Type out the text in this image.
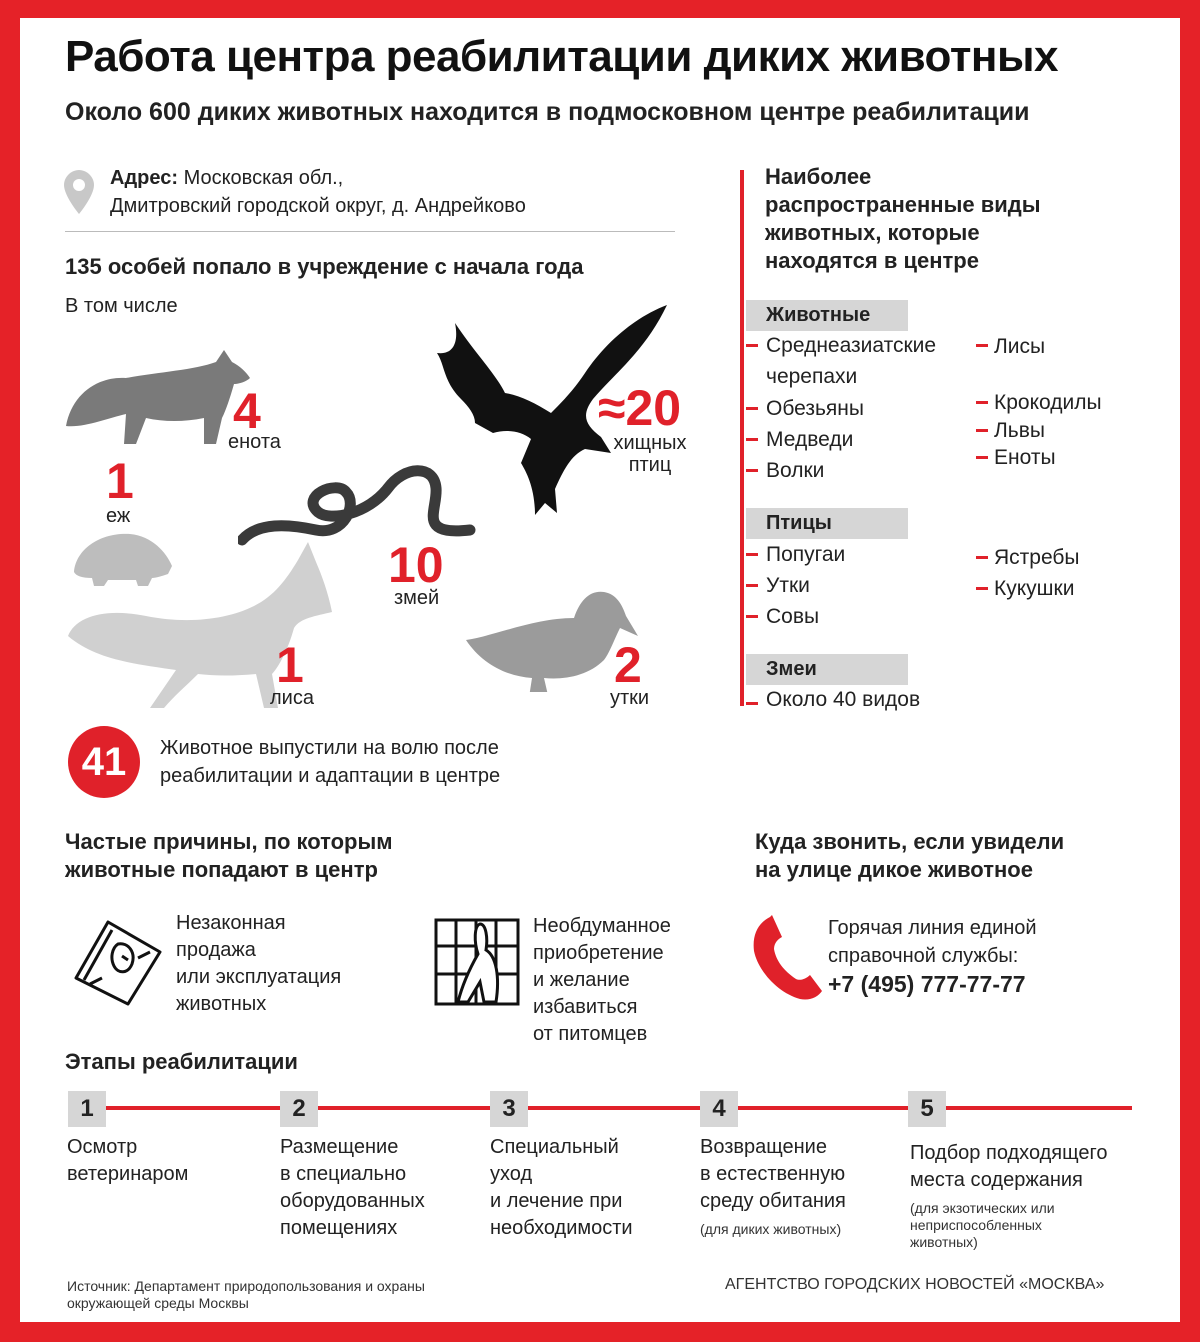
Работа центра реабилитации диких животных
Около 600 диких животных находится в подмосковном центре реабилитации
Адрес: Московская обл.,
Дмитровский городской округ, д. Андрейково
135 особей попало в учреждение с начала года
В том числе
4
енота
≈20
хищных
птиц
1
еж
10
змей
1
лиса
2
утки
41	Животное выпустили на волю после
реабилитации и адаптации в центре
Наиболее
распространенные виды
животных, которые
находятся в центре
Животные
Птицы
Змеи
Среднеазиатские
черепахи
Обезьяны
Медведи
Волки
Лисы
Крокодилы
Львы
Еноты
Попугаи
Утки
Совы
Ястребы
Кукушки
Около 40 видов
Частые причины, по которым
животные попадают в центр
Незаконная
продажа
или эксплуатация
животных
Необдуманное
приобретение
и желание
избавиться
от питомцев
Куда звонить, если увидели
на улице дикое животное
Горячая линия единой
справочной службы:
+7 (495) 777-77-77
Этапы реабилитации
1	2	3	4	5
Осмотр
ветеринаром
Размещение
в специально
оборудованных
помещениях
Специальный
уход
и лечение при
необходимости
Возвращение
в естественную
среду обитания
(для диких животных)
Подбор подходящего
места содержания

(для экзотических или
неприспособленных
животных)
Источник: Департамент природопользования и охраны
окружающей среды Москвы
АГЕНТСТВО ГОРОДСКИХ НОВОСТЕЙ «МОСКВА»
